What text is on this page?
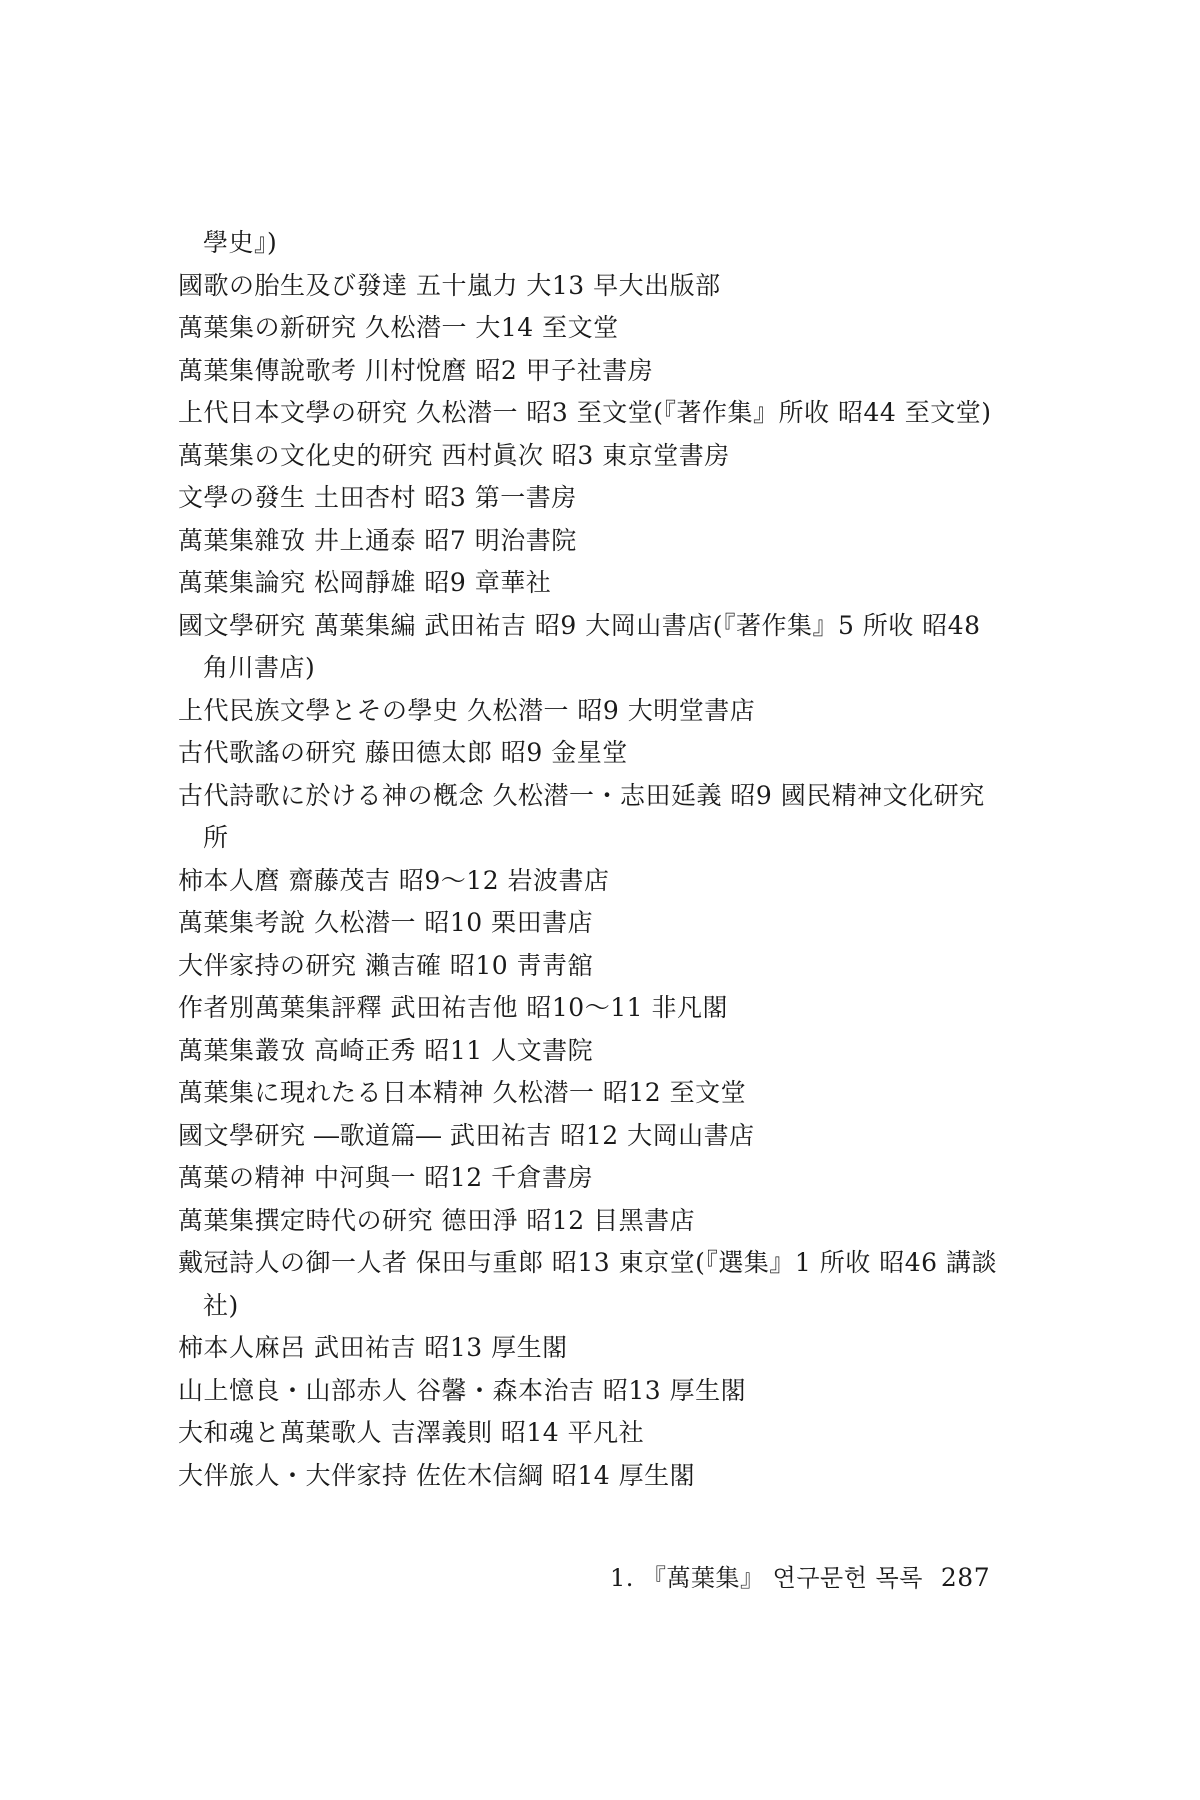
學史』)

國歌の胎生及び發達 五十嵐力 大13 早大出版部

萬葉集の新研究 久松潜一 大14 至文堂

萬葉集傳說歌考 川村悅麿 昭2 甲子社書房

上代日本文學の研究 久松潜一 昭3 至文堂(『著作集』所收 昭44 至文堂)

萬葉集の文化史的研究 西村眞次 昭3 東京堂書房

文學の發生 土田杏村 昭3 第一書房

萬葉集雜攷 井上通泰 昭7 明治書院

萬葉集論究 松岡靜雄 昭9 章華社

國文學研究 萬葉集編 武田祐吉 昭9 大岡山書店(『著作集』5 所收 昭48 角川書店)

上代民族文學とその學史 久松潜一 昭9 大明堂書店

古代歌謠の研究 藤田德太郎 昭9 金星堂

古代詩歌に於ける神の槪念 久松潜一・志田延義 昭9 國民精神文化研究所

柿本人麿 齋藤茂吉 昭9〜12 岩波書店

萬葉集考說 久松潜一 昭10 栗田書店

大伴家持の研究 瀨吉確 昭10 靑靑舘

作者別萬葉集評釋 武田祐吉他 昭10〜11 非凡閣

萬葉集叢攷 高崎正秀 昭11 人文書院

萬葉集に現れたる日本精神 久松潜一 昭12 至文堂

國文學研究 ―歌道篇― 武田祐吉 昭12 大岡山書店

萬葉の精神 中河與一 昭12 千倉書房

萬葉集撰定時代の研究 德田淨 昭12 目黑書店

戴冠詩人の御一人者 保田与重郞 昭13 東京堂(『選集』1 所收 昭46 講談社)

柿本人麻呂 武田祐吉 昭13 厚生閣

山上憶良・山部赤人 谷馨・森本治吉 昭13 厚生閣

大和魂と萬葉歌人 吉澤義則 昭14 平凡社

大伴旅人・大伴家持 佐佐木信綱 昭14 厚生閣

1. 『萬葉集』 연구문헌 목록 287
